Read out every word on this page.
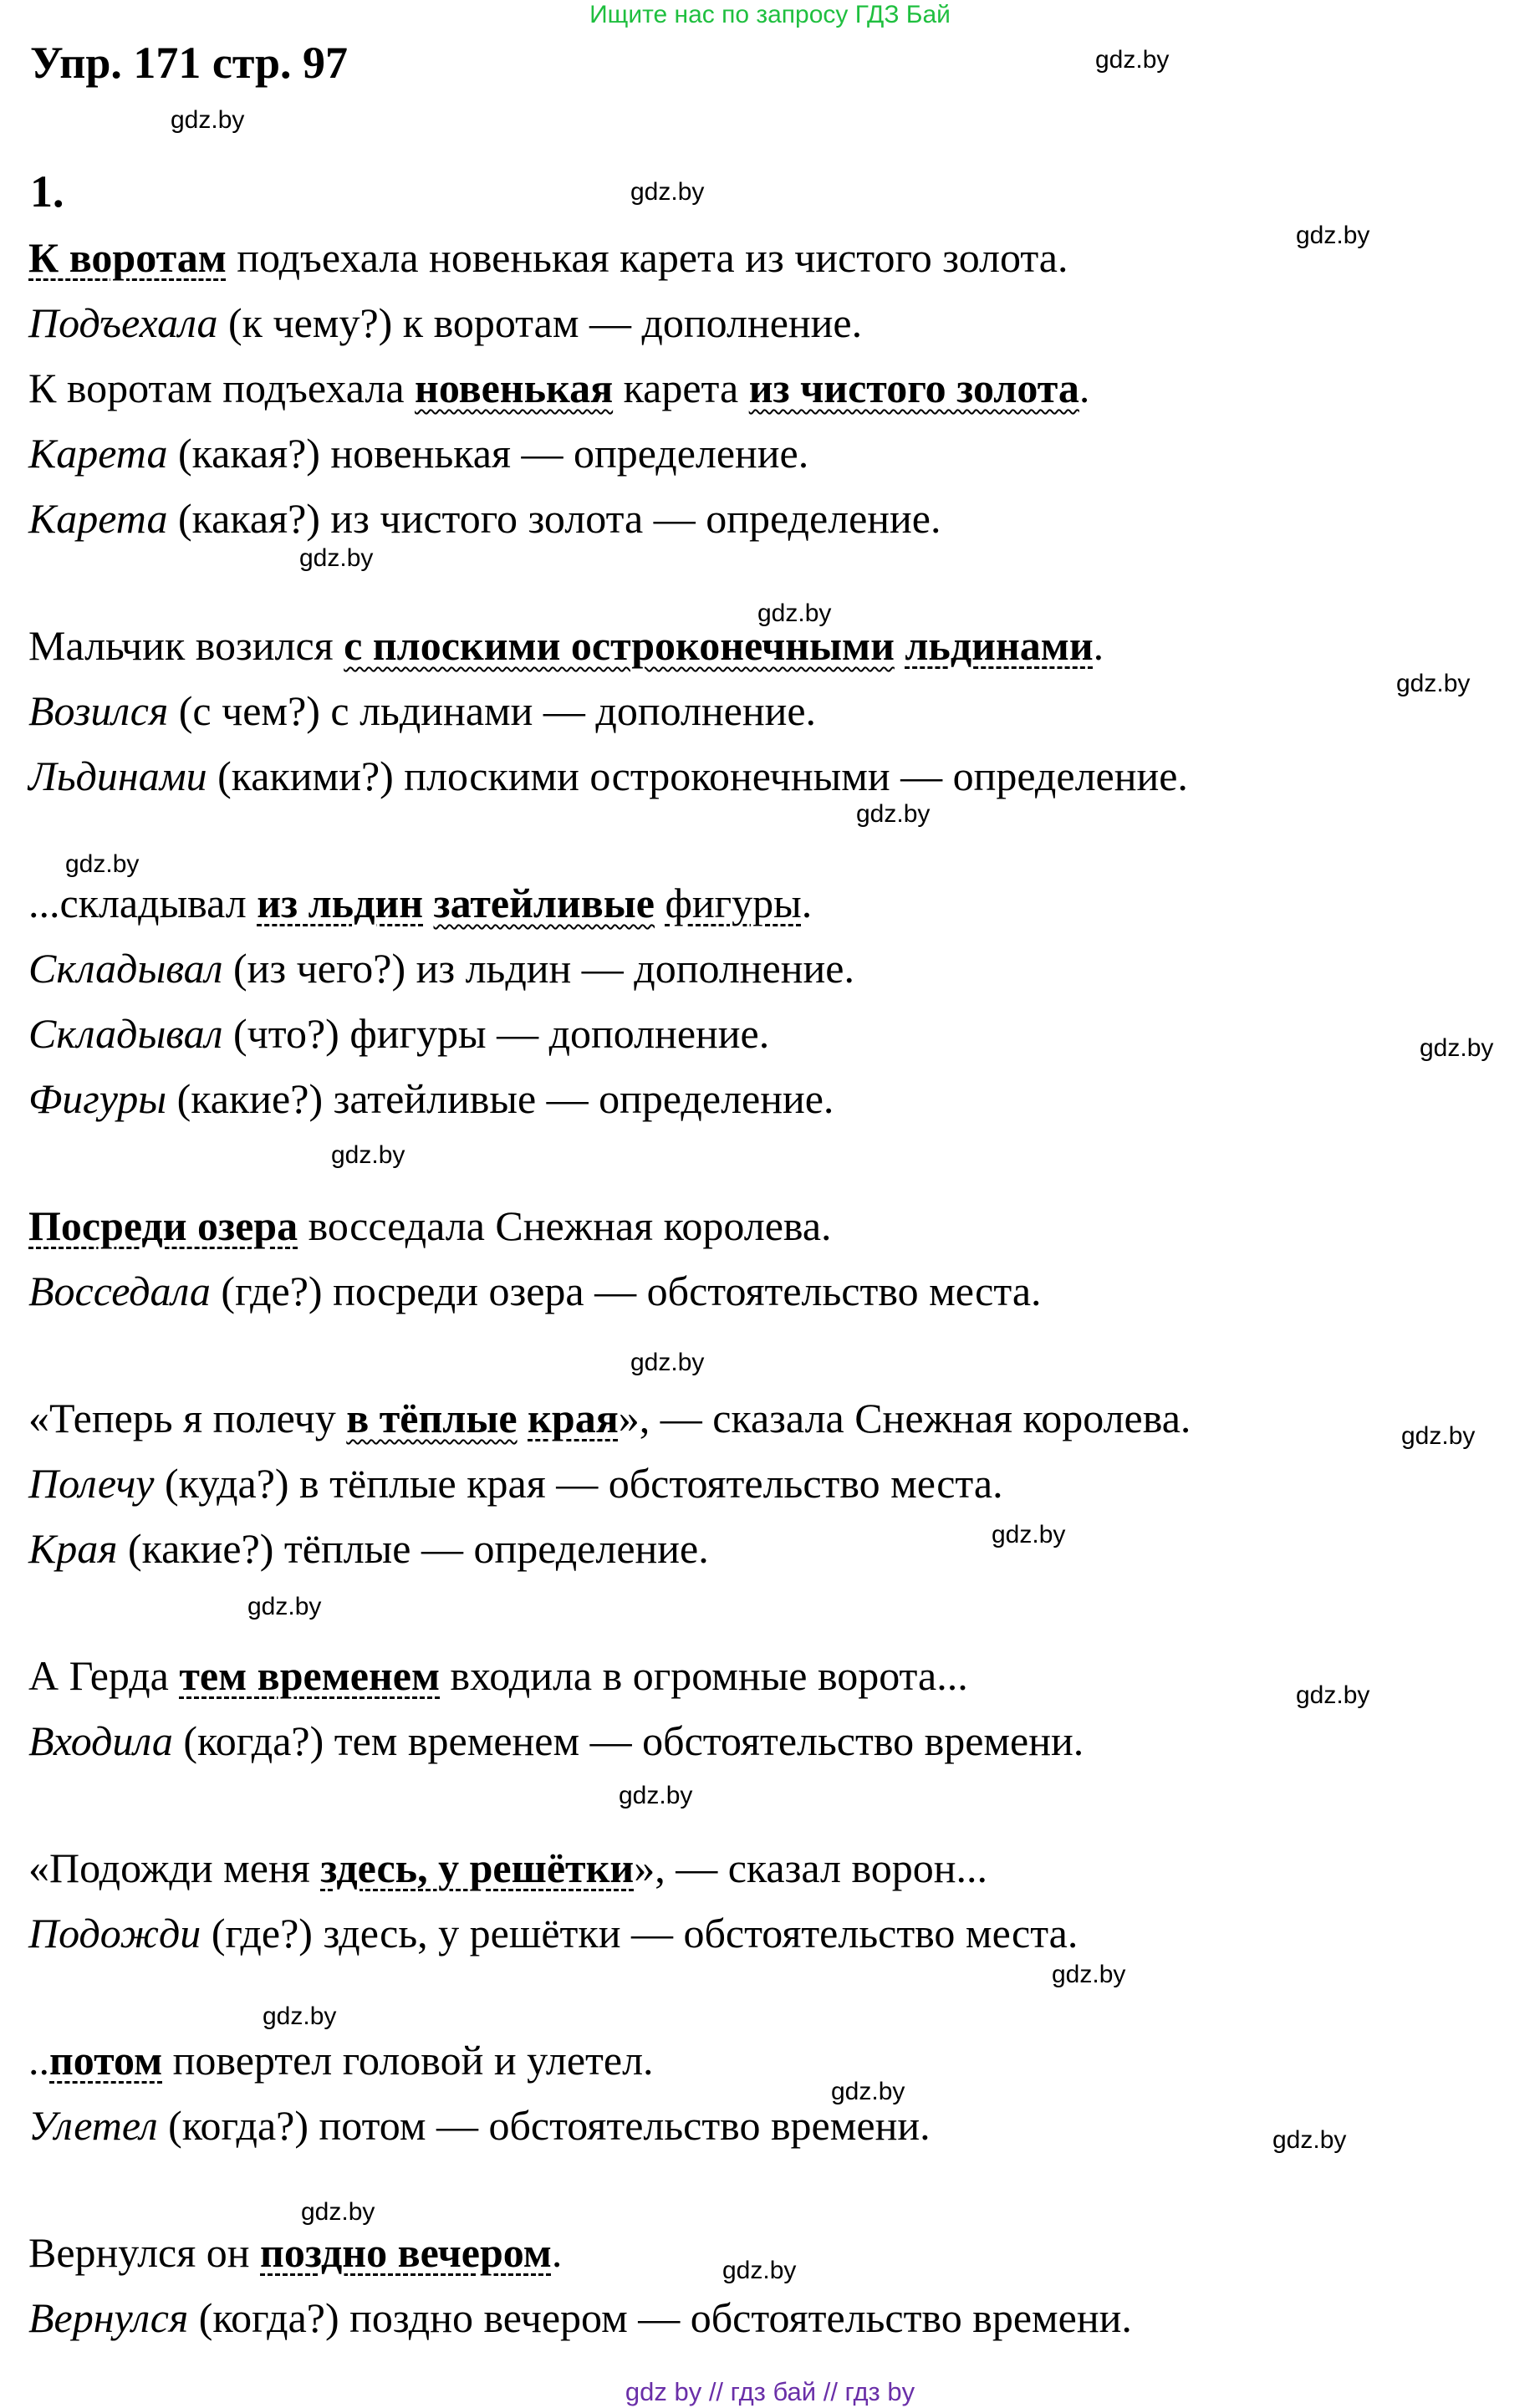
Ищите нас по запросу ГДЗ Бай
Упр. 171 стр. 97
1.
gdz.by
gdz.by
gdz.by
gdz.by
gdz.by
gdz.by
gdz.by
gdz.by
gdz.by
gdz.by
gdz.by
gdz.by
gdz.by
gdz.by
gdz.by
gdz.by
gdz.by
gdz.by
gdz.by
gdz.by
gdz.by
gdz.by
gdz.by
К воротам подъехала новенькая карета из чистого золота.
Подъехала (к чему?) к воротам — дополнение.
К воротам подъехала новенькая карета из чистого золота.
Карета (какая?) новенькая — определение.
Карета (какая?) из чистого золота — определение.
Мальчик возился с плоскими остроконечными льдинами.
Возился (с чем?) с льдинами — дополнение.
Льдинами (какими?) плоскими остроконечными — определение.
...складывал из льдин затейливые фигуры.
Складывал (из чего?) из льдин — дополнение.
Складывал (что?) фигуры — дополнение.
Фигуры (какие?) затейливые — определение.
Посреди озера восседала Снежная королева.
Восседала (где?) посреди озера — обстоятельство места.
«Теперь я полечу в тёплые края», — сказала Снежная королева.
Полечу (куда?) в тёплые края — обстоятельство места.
Края (какие?) тёплые — определение.
А Герда тем временем входила в огромные ворота...
Входила (когда?) тем временем — обстоятельство времени.
«Подожди меня здесь, у решётки», — сказал ворон...
Подожди (где?) здесь, у решётки — обстоятельство места.
..потом повертел головой и улетел.
Улетел (когда?) потом — обстоятельство времени.
Вернулся он поздно вечером.
Вернулся (когда?) поздно вечером — обстоятельство времени.
gdz by // гдз бай // гдз by
